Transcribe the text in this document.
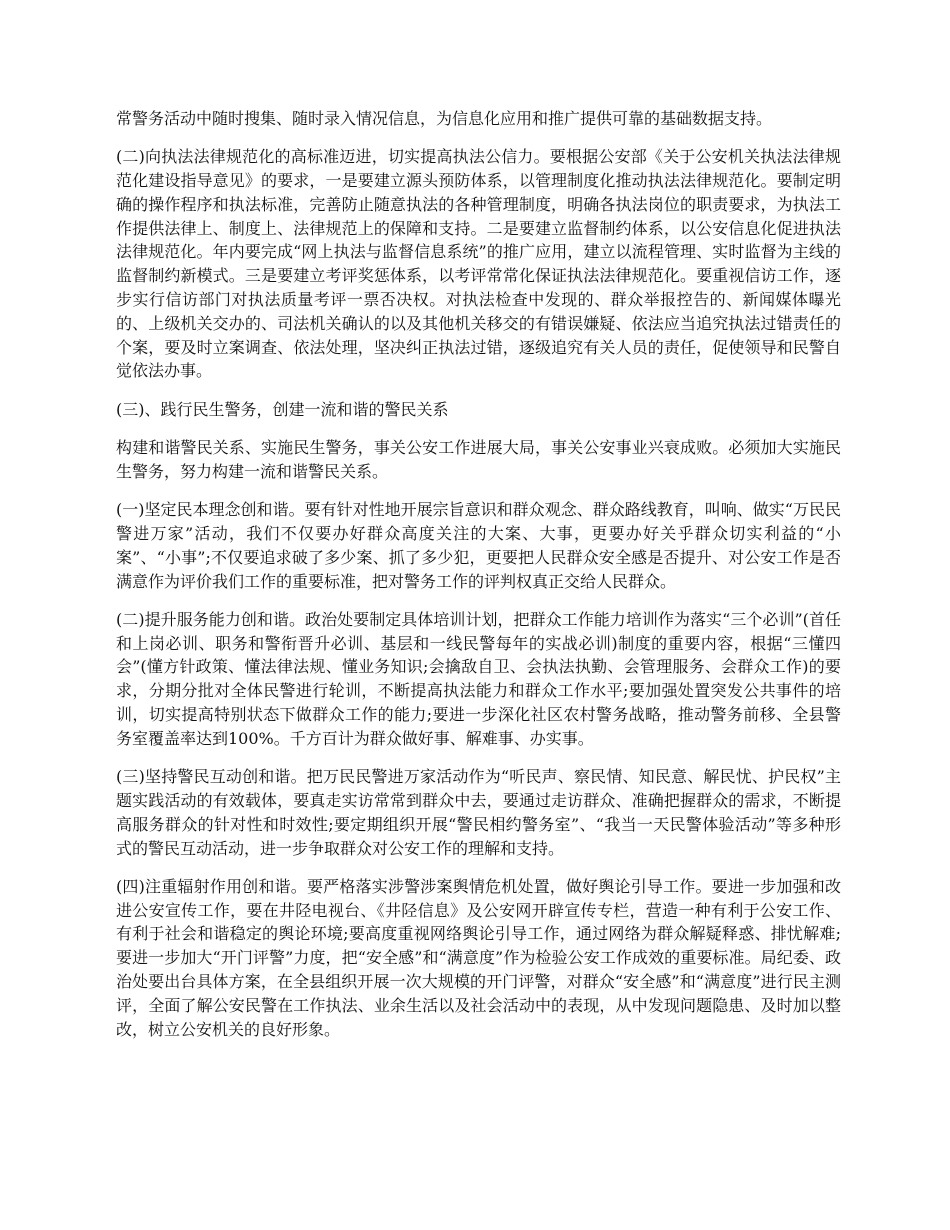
常警务活动中随时搜集、随时录入情况信息，为信息化应用和推广提供可靠的基础数据支持。

(二)向执法法律规范化的高标准迈进，切实提高执法公信力。要根据公安部《关于公安机关执法法律规范化建设指导意见》的要求，一是要建立源头预防体系，以管理制度化推动执法法律规范化。要制定明确的操作程序和执法标准，完善防止随意执法的各种管理制度，明确各执法岗位的职责要求，为执法工作提供法律上、制度上、法律规范上的保障和支持。二是要建立监督制约体系，以公安信息化促进执法法律规范化。年内要完成“网上执法与监督信息系统”的推广应用，建立以流程管理、实时监督为主线的监督制约新模式。三是要建立考评奖惩体系，以考评常常化保证执法法律规范化。要重视信访工作，逐步实行信访部门对执法质量考评一票否决权。对执法检查中发现的、群众举报控告的、新闻媒体曝光的、上级机关交办的、司法机关确认的以及其他机关移交的有错误嫌疑、依法应当追究执法过错责任的个案，要及时立案调查、依法处理，坚决纠正执法过错，逐级追究有关人员的责任，促使领导和民警自觉依法办事。

(三)、践行民生警务，创建一流和谐的警民关系

构建和谐警民关系、实施民生警务，事关公安工作进展大局，事关公安事业兴衰成败。必须加大实施民生警务，努力构建一流和谐警民关系。

(一)坚定民本理念创和谐。要有针对性地开展宗旨意识和群众观念、群众路线教育，叫响、做实“万民民警进万家”活动，我们不仅要办好群众高度关注的大案、大事，更要办好关乎群众切实利益的“小案”、“小事”;不仅要追求破了多少案、抓了多少犯，更要把人民群众安全感是否提升、对公安工作是否满意作为评价我们工作的重要标准，把对警务工作的评判权真正交给人民群众。

(二)提升服务能力创和谐。政治处要制定具体培训计划，把群众工作能力培训作为落实“三个必训”(首任和上岗必训、职务和警衔晋升必训、基层和一线民警每年的实战必训)制度的重要内容，根据“三懂四会”(懂方针政策、懂法律法规、懂业务知识;会擒敌自卫、会执法执勤、会管理服务、会群众工作)的要求，分期分批对全体民警进行轮训，不断提高执法能力和群众工作水平;要加强处置突发公共事件的培训，切实提高特别状态下做群众工作的能力;要进一步深化社区农村警务战略，推动警务前移、全县警务室覆盖率达到100%。千方百计为群众做好事、解难事、办实事。

(三)坚持警民互动创和谐。把万民民警进万家活动作为“听民声、察民情、知民意、解民忧、护民权”主题实践活动的有效载体，要真走实访常常到群众中去，要通过走访群众、准确把握群众的需求，不断提高服务群众的针对性和时效性;要定期组织开展“警民相约警务室”、“我当一天民警体验活动”等多种形式的警民互动活动，进一步争取群众对公安工作的理解和支持。

(四)注重辐射作用创和谐。要严格落实涉警涉案舆情危机处置，做好舆论引导工作。要进一步加强和改进公安宣传工作，要在井陉电视台、《井陉信息》及公安网开辟宣传专栏，营造一种有利于公安工作、有利于社会和谐稳定的舆论环境;要高度重视网络舆论引导工作，通过网络为群众解疑释惑、排忧解难;要进一步加大“开门评警”力度，把“安全感”和“满意度”作为检验公安工作成效的重要标准。局纪委、政治处要出台具体方案，在全县组织开展一次大规模的开门评警，对群众“安全感”和“满意度”进行民主测评，全面了解公安民警在工作执法、业余生活以及社会活动中的表现，从中发现问题隐患、及时加以整改，树立公安机关的良好形象。
